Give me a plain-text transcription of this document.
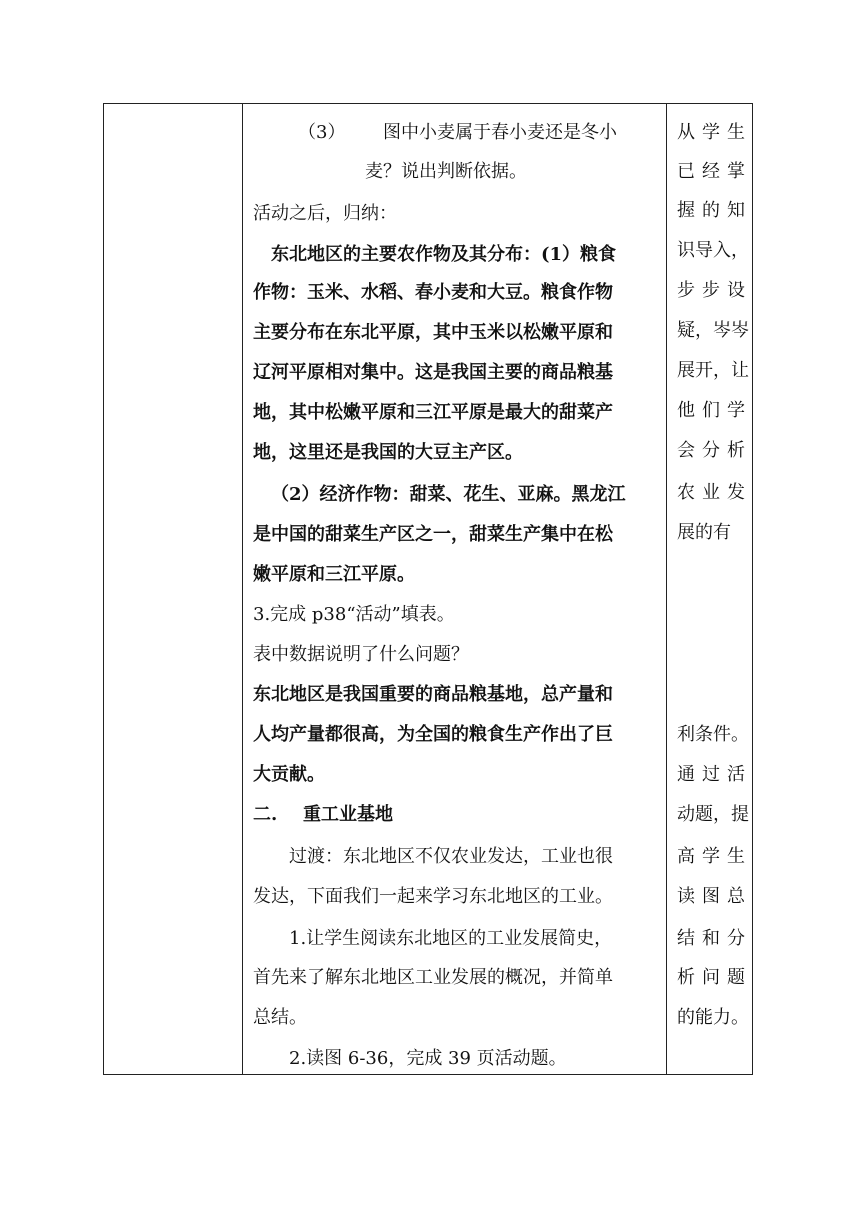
（3） 图中小麦属于春小麦还是冬小
麦？说出判断依据。
活动之后，归纳：
东北地区的主要农作物及其分布：(1）粮食
作物：玉米、水稻、春小麦和大豆。粮食作物
主要分布在东北平原，其中玉米以松嫩平原和
辽河平原相对集中。这是我国主要的商品粮基
地，其中松嫩平原和三江平原是最大的甜菜产
地，这里还是我国的大豆主产区。
（2）经济作物：甜菜、花生、亚麻。黑龙江
是中国的甜菜生产区之一，甜菜生产集中在松
嫩平原和三江平原。
3.完成 p38“活动”填表。
表中数据说明了什么问题？
东北地区是我国重要的商品粮基地，总产量和
人均产量都很高，为全国的粮食生产作出了巨
大贡献。
二. 重工业基地
过渡：东北地区不仅农业发达，工业也很
发达，下面我们一起来学习东北地区的工业。
1.让学生阅读东北地区的工业发展简史，
首先来了解东北地区工业发展的概况，并简单
总结。
2.读图 6-36，完成 39 页活动题。
从学生
已经掌
握的知
识导入，
步步设
疑，岑岑
展开，让
他们学
会分析
农业发
展的有
利条件。
通过活
动题，提
高学生
读图总
结和分
析问题
的能力。
